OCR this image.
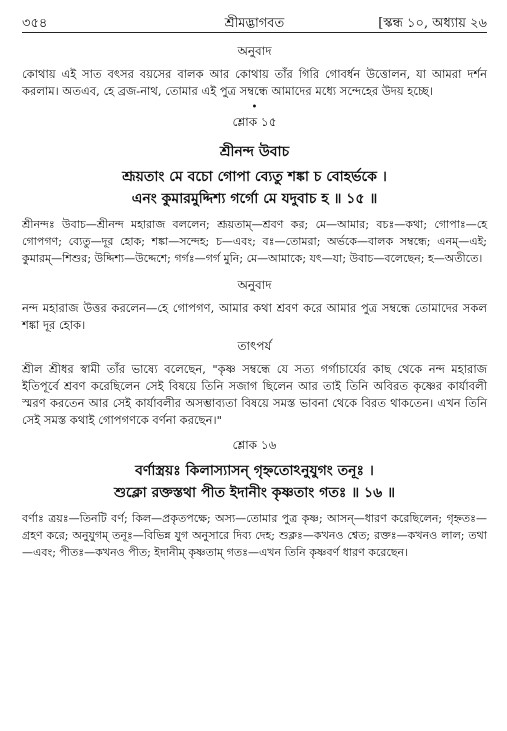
৩৫৪	শ্রীমদ্ভাগবত	[স্কন্ধ ১০, অধ্যায় ২৬
অনুবাদ

কোথায় এই সাত বৎসর বয়সের বালক আর কোথায় তাঁর গিরি গোবর্ধন উত্তোলন, যা আমরা দর্শন করলাম। অতএব, হে ব্রজ-নাথ, তোমার এই পুত্র সম্বন্ধে আমাদের মধ্যে সন্দেহের উদয় হচ্ছে।

•
শ্লোক ১৫
শ্রীনন্দ উবাচ
শ্রূয়তাং মে বচো গোপা ব্যেতু শঙ্কা চ বোহর্ভকে ।
এনং কুমারমুদ্দিশ্য গর্গো মে যদুবাচ হ ॥ ১৫ ॥

শ্রীনন্দঃ উবাচ—শ্রীনন্দ মহারাজ বললেন; শ্রূয়তাম্—শ্রবণ কর; মে—আমার; বচঃ—কথা; গোপাঃ—হে গোপগণ; ব্যেতু—দূর হোক; শঙ্কা—সন্দেহ; চ—এবং; বঃ—তোমরা; অর্ভকে—বালক সম্বন্ধে; এনম্—এই; কুমারম্—শিশুর; উদ্দিশ্য—উদ্দেশে; গর্গঃ—গর্গ মুনি; মে—আমাকে; যৎ—যা; উবাচ—বলেছেন; হ—অতীতে।

অনুবাদ

নন্দ মহারাজ উত্তর করলেন—হে গোপগণ, আমার কথা শ্রবণ করে আমার পুত্র সম্বন্ধে তোমাদের সকল শঙ্কা দূর হোক।

তাৎপর্য

শ্রীল শ্রীধর স্বামী তাঁর ভাষ্যে বলেছেন, "কৃষ্ণ সম্বন্ধে যে সত্য গর্গাচার্যের কাছ থেকে নন্দ মহারাজ ইতিপূর্বে শ্রবণ করেছিলেন সেই বিষয়ে তিনি সজাগ ছিলেন আর তাই তিনি অবিরত কৃষ্ণের কার্যাবলী স্মরণ করতেন আর সেই কার্যাবলীর অসম্ভাব্যতা বিষয়ে সমস্ত ভাবনা থেকে বিরত থাকতেন। এখন তিনি সেই সমস্ত কথাই গোপগণকে বর্ণনা করছেন।"

শ্লোক ১৬
বর্ণাস্ত্রয়ঃ কিলাস্যাসন্ গৃহ্নতোঽনুযুগং তনূঃ ।
শুক্লো রক্তস্তথা পীত ইদানীং কৃষ্ণতাং গতঃ ॥ ১৬ ॥

বর্ণাঃ ত্রয়ঃ—তিনটি বর্ণ; কিল—প্রকৃতপক্ষে; অস্য—তোমার পুত্র কৃষ্ণ; আসন্—ধারণ করেছিলেন; গৃহ্নতঃ—গ্রহণ করে; অনুযুগম্ তনূঃ—বিভিন্ন যুগ অনুসারে দিব্য দেহ; শুক্লঃ—কখনও শ্বেত; রক্তঃ—কখনও লাল; তথা—এবং; পীতঃ—কখনও পীত; ইদানীম্ কৃষ্ণতাম্ গতঃ—এখন তিনি কৃষ্ণবর্ণ ধারণ করেছেন।
